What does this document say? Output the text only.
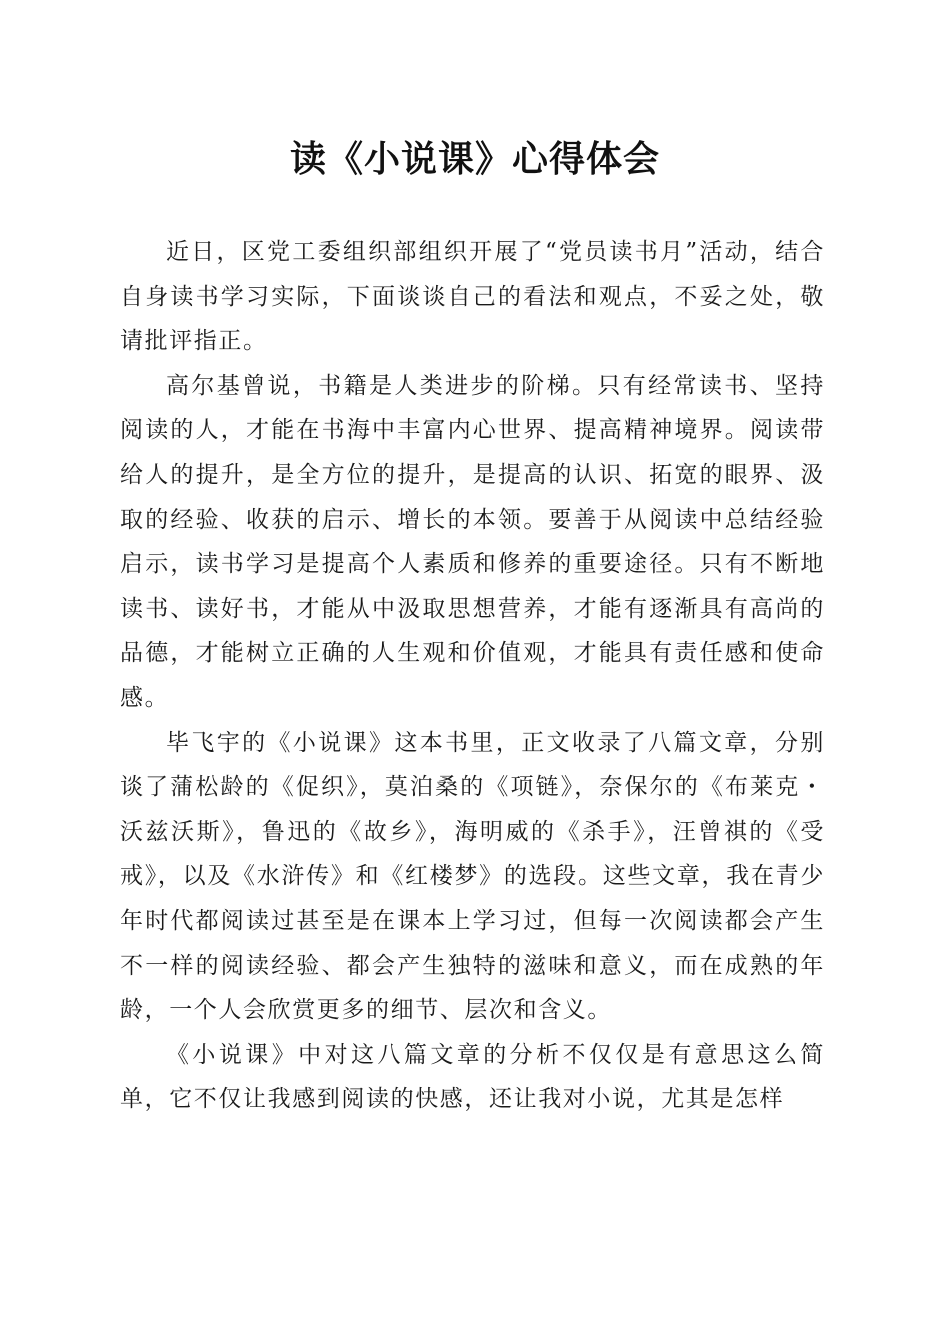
读《小说课》心得体会

近日，区党工委组织部组织开展了“党员读书月”活动，结合自身读书学习实际，下面谈谈自己的看法和观点，不妥之处，敬请批评指正。

高尔基曾说，书籍是人类进步的阶梯。只有经常读书、坚持阅读的人，才能在书海中丰富内心世界、提高精神境界。阅读带给人的提升，是全方位的提升，是提高的认识、拓宽的眼界、汲取的经验、收获的启示、增长的本领。要善于从阅读中总结经验启示，读书学习是提高个人素质和修养的重要途径。只有不断地读书、读好书，才能从中汲取思想营养，才能有逐渐具有高尚的品德，才能树立正确的人生观和价值观，才能具有责任感和使命感。

毕飞宇的《小说课》这本书里，正文收录了八篇文章，分别谈了蒲松龄的《促织》，莫泊桑的《项链》，奈保尔的《布莱克・沃兹沃斯》，鲁迅的《故乡》，海明威的《杀手》，汪曾祺的《受戒》，以及《水浒传》和《红楼梦》的选段。这些文章，我在青少年时代都阅读过甚至是在课本上学习过，但每一次阅读都会产生不一样的阅读经验、都会产生独特的滋味和意义，而在成熟的年龄，一个人会欣赏更多的细节、层次和含义。

《小说课》中对这八篇文章的分析不仅仅是有意思这么简单，它不仅让我感到阅读的快感，还让我对小说，尤其是怎样
